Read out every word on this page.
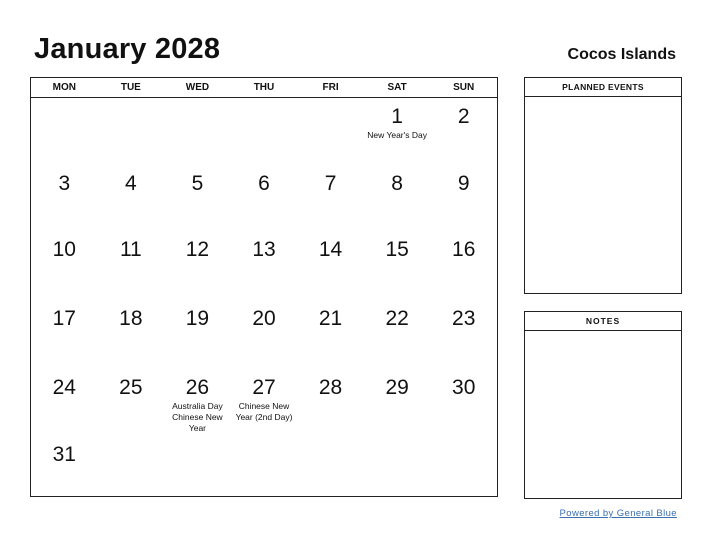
January 2028	Cocos Islands
MON	TUE	WED	THU	FRI	SAT	SUN
1
New Year's Day
2
3	4	5	6	7	8	9
10	11	12	13	14	15	16
17	18	19	20	21	22	23
24	25	26
Australia Day Chinese New Year
27
Chinese New Year (2nd Day)
28	29	30
31
PLANNED EVENTS
NOTES
Powered by General Blue
